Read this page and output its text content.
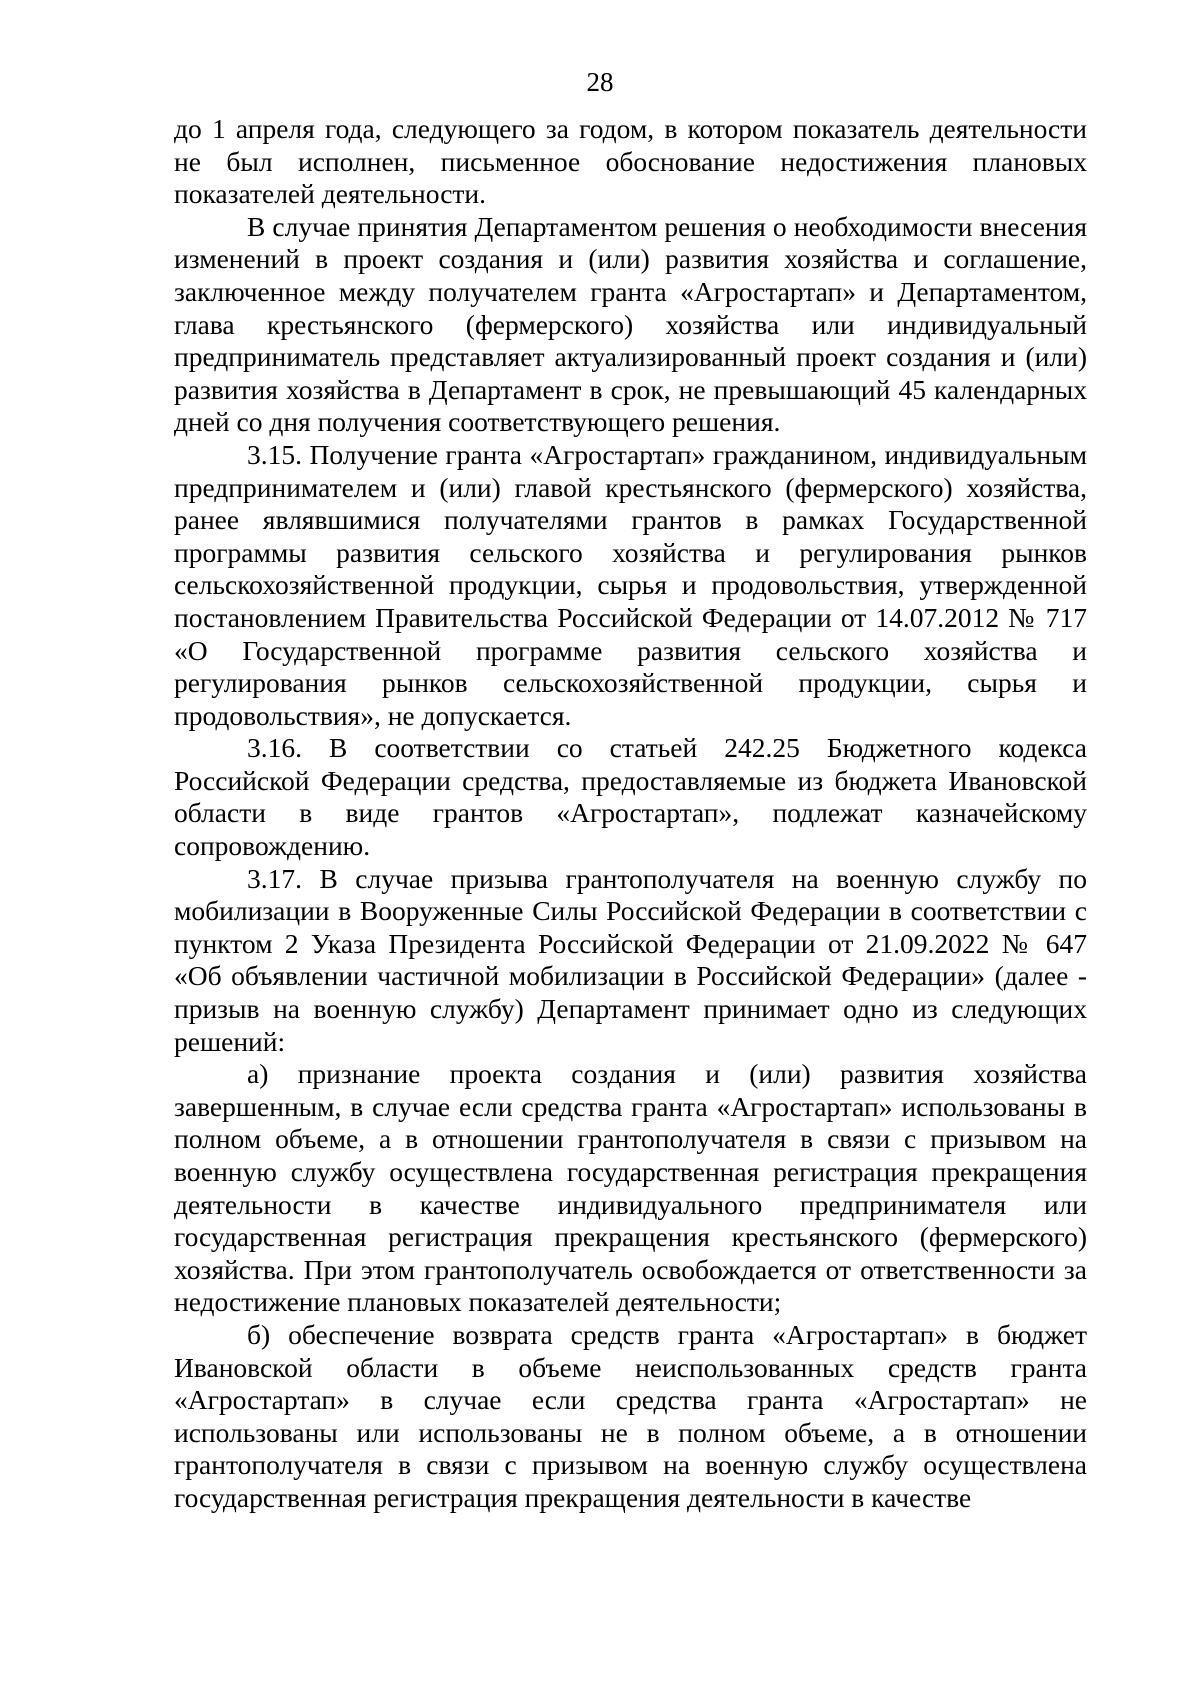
28

до 1 апреля года, следующего за годом, в котором показатель деятельности не был исполнен, письменное обоснование недостижения плановых показателей деятельности.

В случае принятия Департаментом решения о необходимости внесения изменений в проект создания и (или) развития хозяйства и соглашение, заключенное между получателем гранта «Агростартап» и Департаментом, глава крестьянского (фермерского) хозяйства или индивидуальный предприниматель представляет актуализированный проект создания и (или) развития хозяйства в Департамент в срок, не превышающий 45 календарных дней со дня получения соответствующего решения.

3.15. Получение гранта «Агростартап» гражданином, индивидуальным предпринимателем и (или) главой крестьянского (фермерского) хозяйства, ранее являвшимися получателями грантов в рамках Государственной программы развития сельского хозяйства и регулирования рынков сельскохозяйственной продукции, сырья и продовольствия, утвержденной постановлением Правительства Российской Федерации от 14.07.2012 № 717 «О Государственной программе развития сельского хозяйства и регулирования рынков сельскохозяйственной продукции, сырья и продовольствия», не допускается.

3.16. В соответствии со статьей 242.25 Бюджетного кодекса Российской Федерации средства, предоставляемые из бюджета Ивановской области в виде грантов «Агростартап», подлежат казначейскому сопровождению.

3.17. В случае призыва грантополучателя на военную службу по мобилизации в Вооруженные Силы Российской Федерации в соответствии с пунктом 2 Указа Президента Российской Федерации от 21.09.2022 № 647 «Об объявлении частичной мобилизации в Российской Федерации» (далее - призыв на военную службу) Департамент принимает одно из следующих решений:

а) признание проекта создания и (или) развития хозяйства завершенным, в случае если средства гранта «Агростартап» использованы в полном объеме, а в отношении грантополучателя в связи с призывом на военную службу осуществлена государственная регистрация прекращения деятельности в качестве индивидуального предпринимателя или государственная регистрация прекращения крестьянского (фермерского) хозяйства. При этом грантополучатель освобождается от ответственности за недостижение плановых показателей деятельности;

б) обеспечение возврата средств гранта «Агростартап» в бюджет Ивановской области в объеме неиспользованных средств гранта «Агростартап» в случае если средства гранта «Агростартап» не использованы или использованы не в полном объеме, а в отношении грантополучателя в связи с призывом на военную службу осуществлена государственная регистрация прекращения деятельности в качестве
